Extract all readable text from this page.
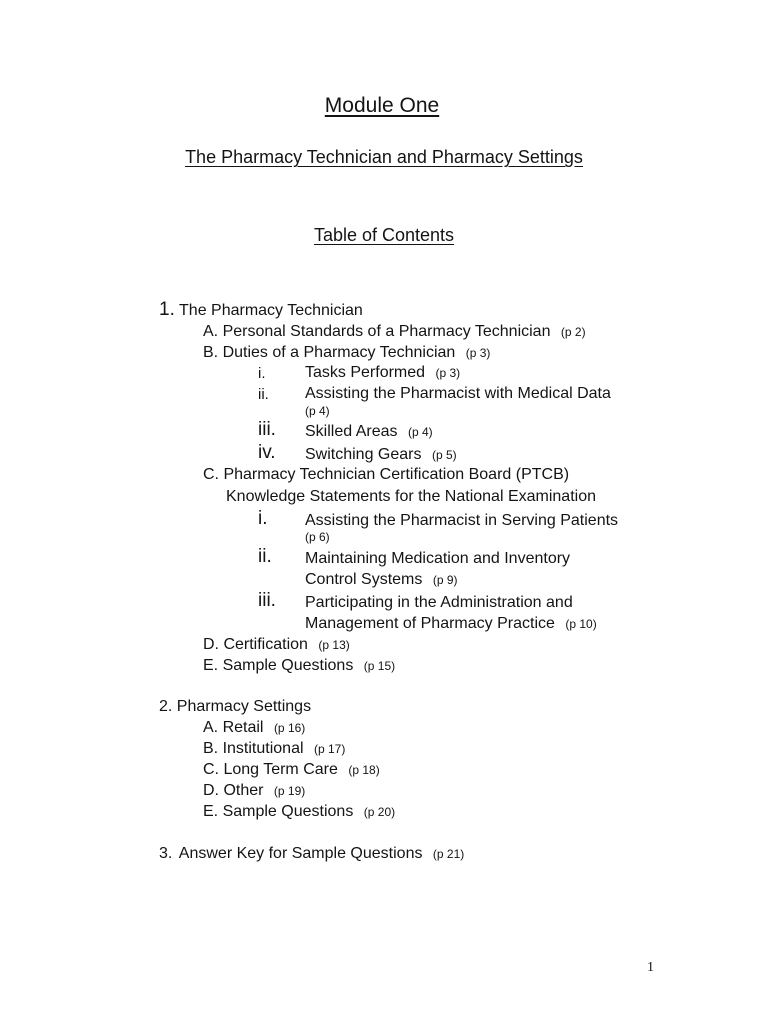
Module One
The Pharmacy Technician and Pharmacy Settings
Table of Contents
1. The Pharmacy Technician
A. Personal Standards of a Pharmacy Technician (p 2)
B. Duties of a Pharmacy Technician (p 3)
i. Tasks Performed (p 3)
ii. Assisting the Pharmacist with Medical Data
(p 4)
iii. Skilled Areas (p 4)
iv. Switching Gears (p 5)
C. Pharmacy Technician Certification Board (PTCB)
Knowledge Statements for the National Examination
i. Assisting the Pharmacist in Serving Patients
(p 6)
ii. Maintaining Medication and Inventory
Control Systems (p 9)
iii. Participating in the Administration and
Management of Pharmacy Practice (p 10)
D. Certification (p 13)
E. Sample Questions (p 15)
2. Pharmacy Settings
A. Retail (p 16)
B. Institutional (p 17)
C. Long Term Care (p 18)
D. Other (p 19)
E. Sample Questions (p 20)
3. Answer Key for Sample Questions (p 21)
1
